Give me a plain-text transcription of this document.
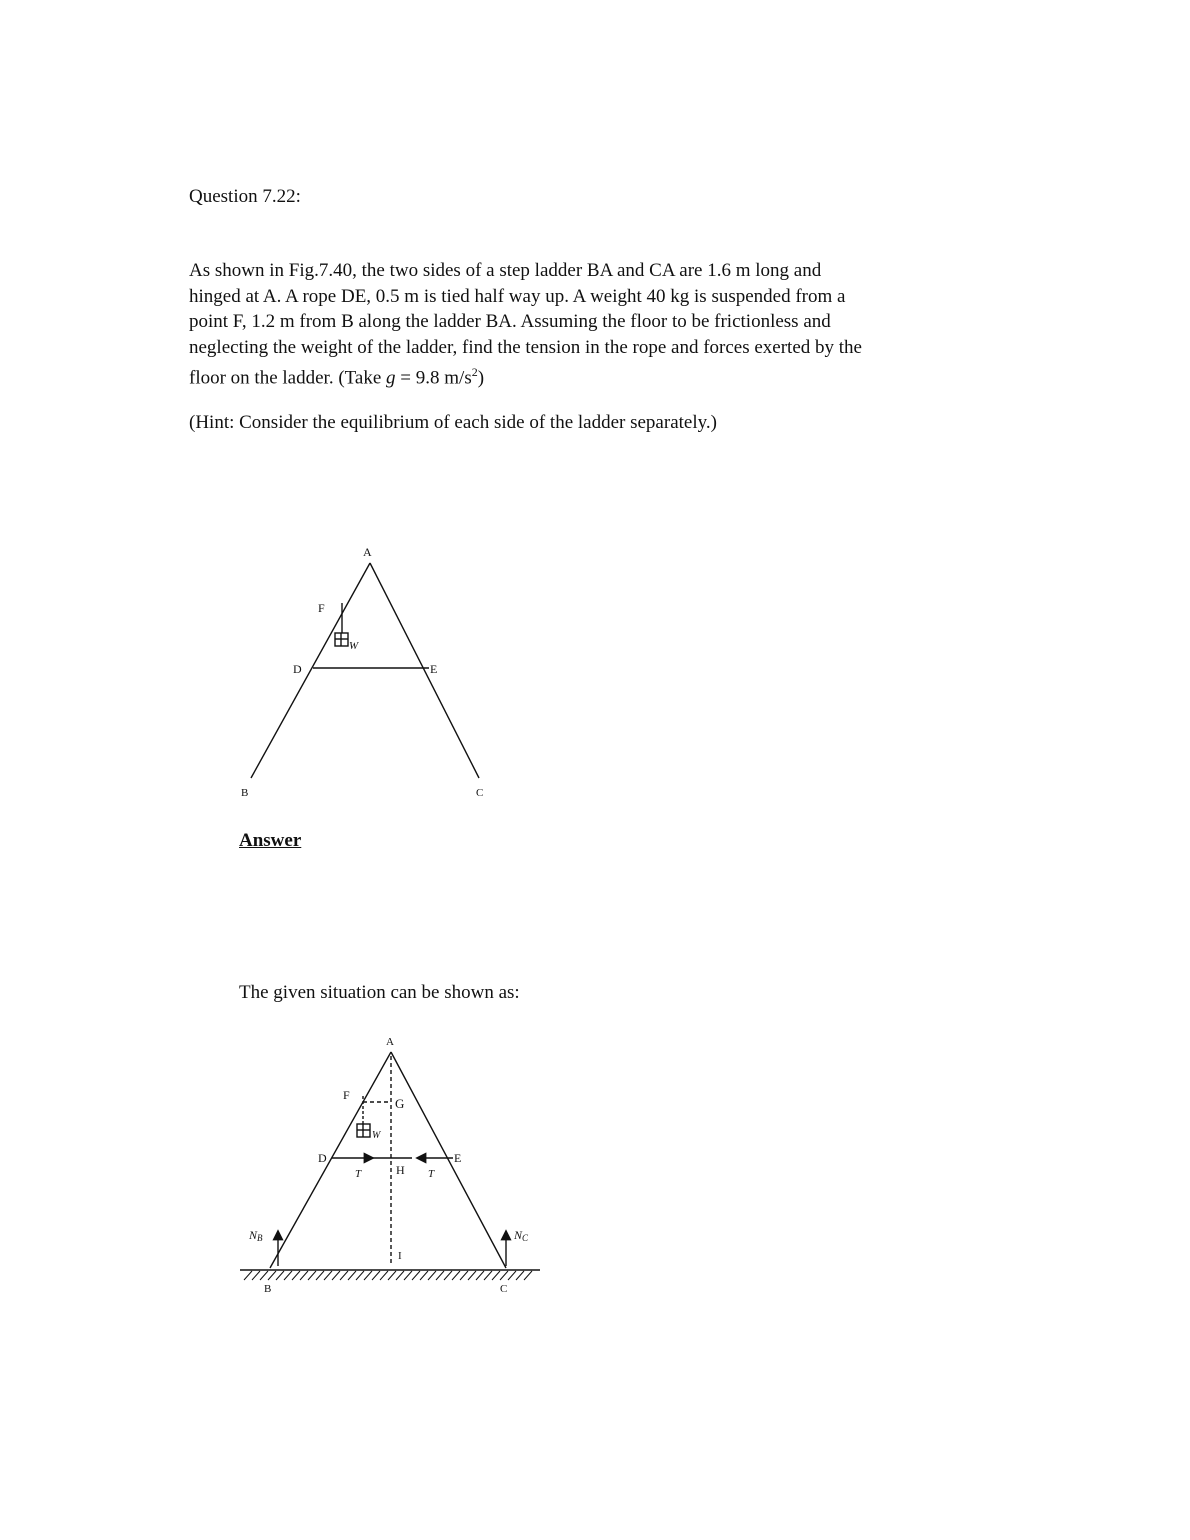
Question 7.22:
As shown in Fig.7.40, the two sides of a step ladder BA and CA are 1.6 m long and
hinged at A. A rope DE, 0.5 m is tied half way up. A weight 40 kg is suspended from a
point F, 1.2 m from B along the ladder BA. Assuming the floor to be frictionless and
neglecting the weight of the ladder, find the tension in the rope and forces exerted by the
floor on the ladder. (Take g = 9.8 $m/s^2$)
(Hint: Consider the equilibrium of each side of the ladder separately.)
A
F
W
D	E
B	C
Answer
The given situation can be shown as:
A
F
G
W
D	E
T	H T
I
NB	NC
B	C
